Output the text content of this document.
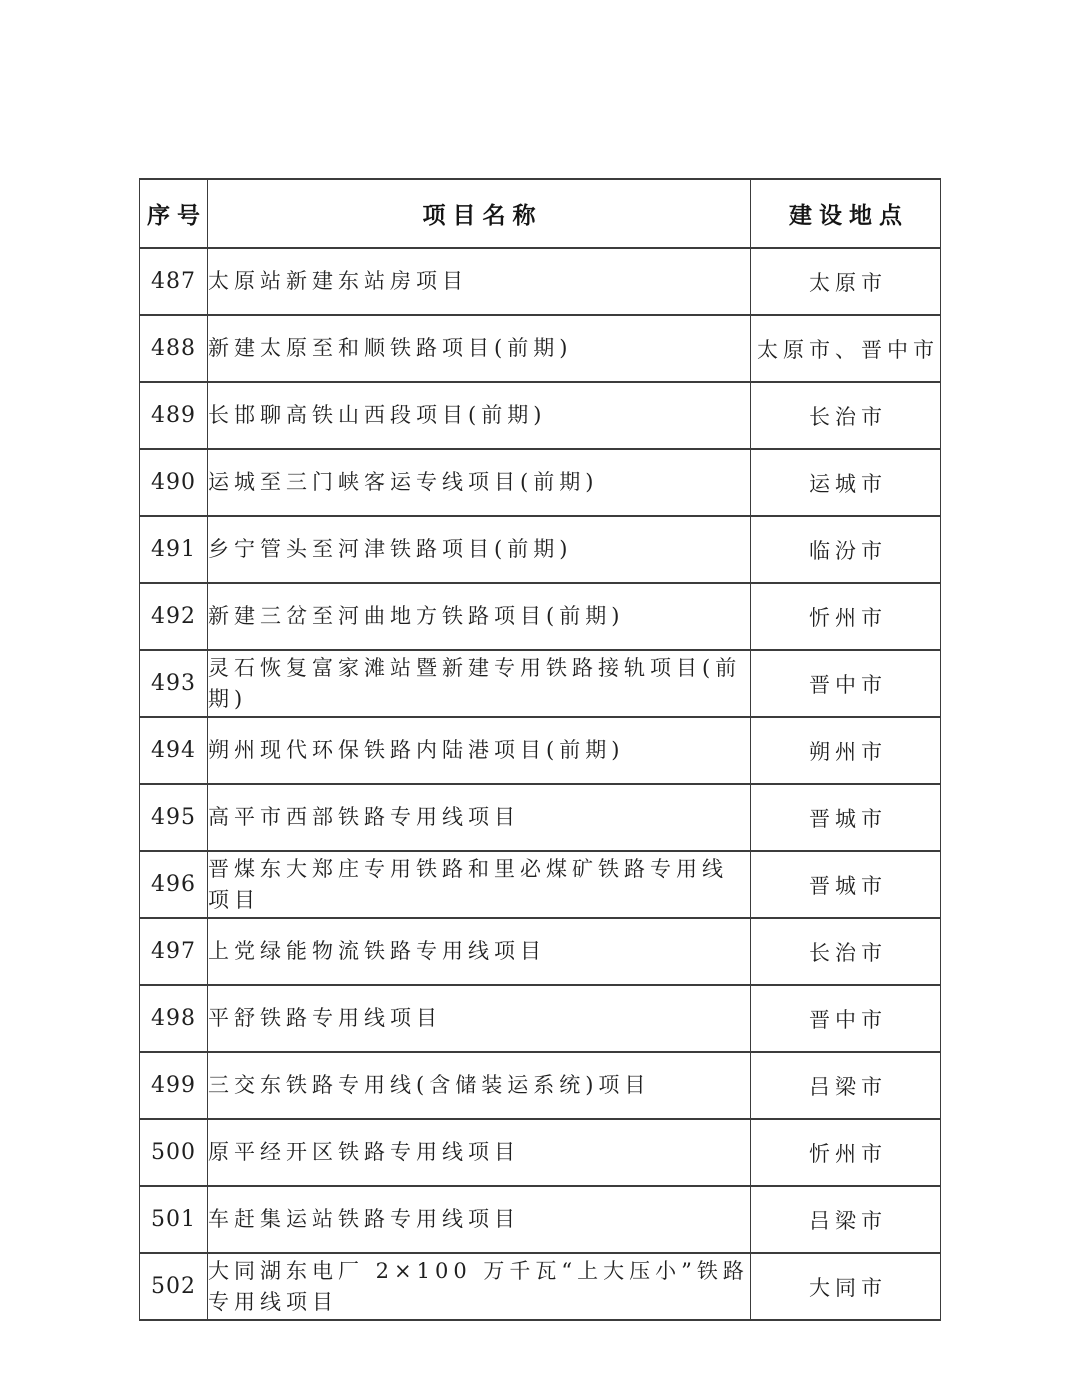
序号	项目名称	建设地点
487	太原站新建东站房项目	太原市
488	新建太原至和顺铁路项目(前期)	太原市、晋中市
489	长邯聊高铁山西段项目(前期)	长治市
490	运城至三门峡客运专线项目(前期)	运城市
491	乡宁管头至河津铁路项目(前期)	临汾市
492	新建三岔至河曲地方铁路项目(前期)	忻州市
493	灵石恢复富家滩站暨新建专用铁路接轨项目(前期)	晋中市
494	朔州现代环保铁路内陆港项目(前期)	朔州市
495	高平市西部铁路专用线项目	晋城市
496	晋煤东大郑庄专用铁路和里必煤矿铁路专用线项目	晋城市
497	上党绿能物流铁路专用线项目	长治市
498	平舒铁路专用线项目	晋中市
499	三交东铁路专用线(含储装运系统)项目	吕梁市
500	原平经开区铁路专用线项目	忻州市
501	车赶集运站铁路专用线项目	吕梁市
502	大同湖东电厂 2×100 万千瓦“上大压小”铁路专用线项目	大同市
